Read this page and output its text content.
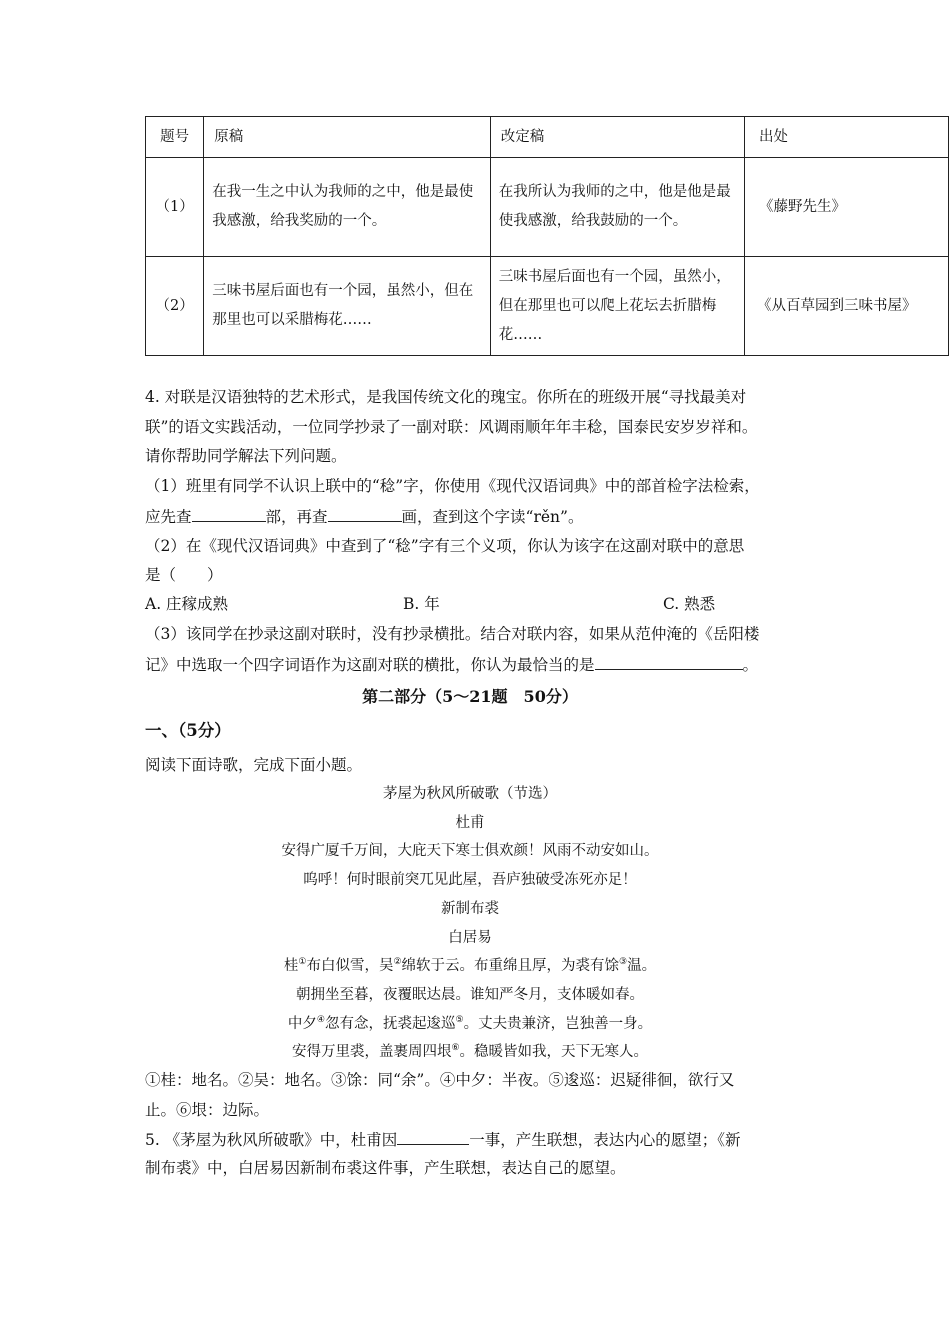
题号	原稿	改定稿	出处
（1）	在我一生之中认为我师的之中，他是最使我感激，给我奖励的一个。	在我所认为我师的之中，他是他是最使我感激，给我鼓励的一个。	《藤野先生》
（2）	三味书屋后面也有一个园，虽然小，但在那里也可以采腊梅花……	三味书屋后面也有一个园，虽然小，但在那里也可以爬上花坛去折腊梅花……	《从百草园到三味书屋》
4. 对联是汉语独特的艺术形式，是我国传统文化的瑰宝。你所在的班级开展“寻找最美对
联”的语文实践活动，一位同学抄录了一副对联：风调雨顺年年丰稔，国泰民安岁岁祥和。
请你帮助同学解法下列问题。
（1）班里有同学不认识上联中的“稔”字，你使用《现代汉语词典》中的部首检字法检索，
应先查	部，再查	画，查到这个字读“rěn”。
（2）在《现代汉语词典》中查到了“稔”字有三个义项，你认为该字在这副对联中的意思
是（　　）
A. 庄稼成熟	B. 年	C. 熟悉
（3）该同学在抄录这副对联时，没有抄录横批。结合对联内容，如果从范仲淹的《岳阳楼
记》中选取一个四字词语作为这副对联的横批，你认为最恰当的是	。
第二部分（5～21题　50分）
一、（5分）
阅读下面诗歌，完成下面小题。
茅屋为秋风所破歌（节选）
杜甫
安得广厦千万间，大庇天下寒士俱欢颜！风雨不动安如山。
呜呼！何时眼前突兀见此屋，吾庐独破受冻死亦足！
新制布裘
白居易
桂①布白似雪，吴②绵软于云。布重绵且厚，为裘有馀③温。
朝拥坐至暮，夜覆眠达晨。谁知严冬月，支体暖如春。
中夕④忽有念，抚裘起逡巡⑤。丈夫贵兼济，岂独善一身。
安得万里裘，盖裹周四垠⑥。稳暖皆如我，天下无寒人。
①桂：地名。②吴：地名。③馀：同“余”。④中夕：半夜。⑤逡巡：迟疑徘徊，欲行又
止。⑥垠：边际。
5. 《茅屋为秋风所破歌》中，杜甫因	一事，产生联想，表达内心的愿望；《新
制布裘》中，白居易因新制布裘这件事，产生联想，表达自己的愿望。
